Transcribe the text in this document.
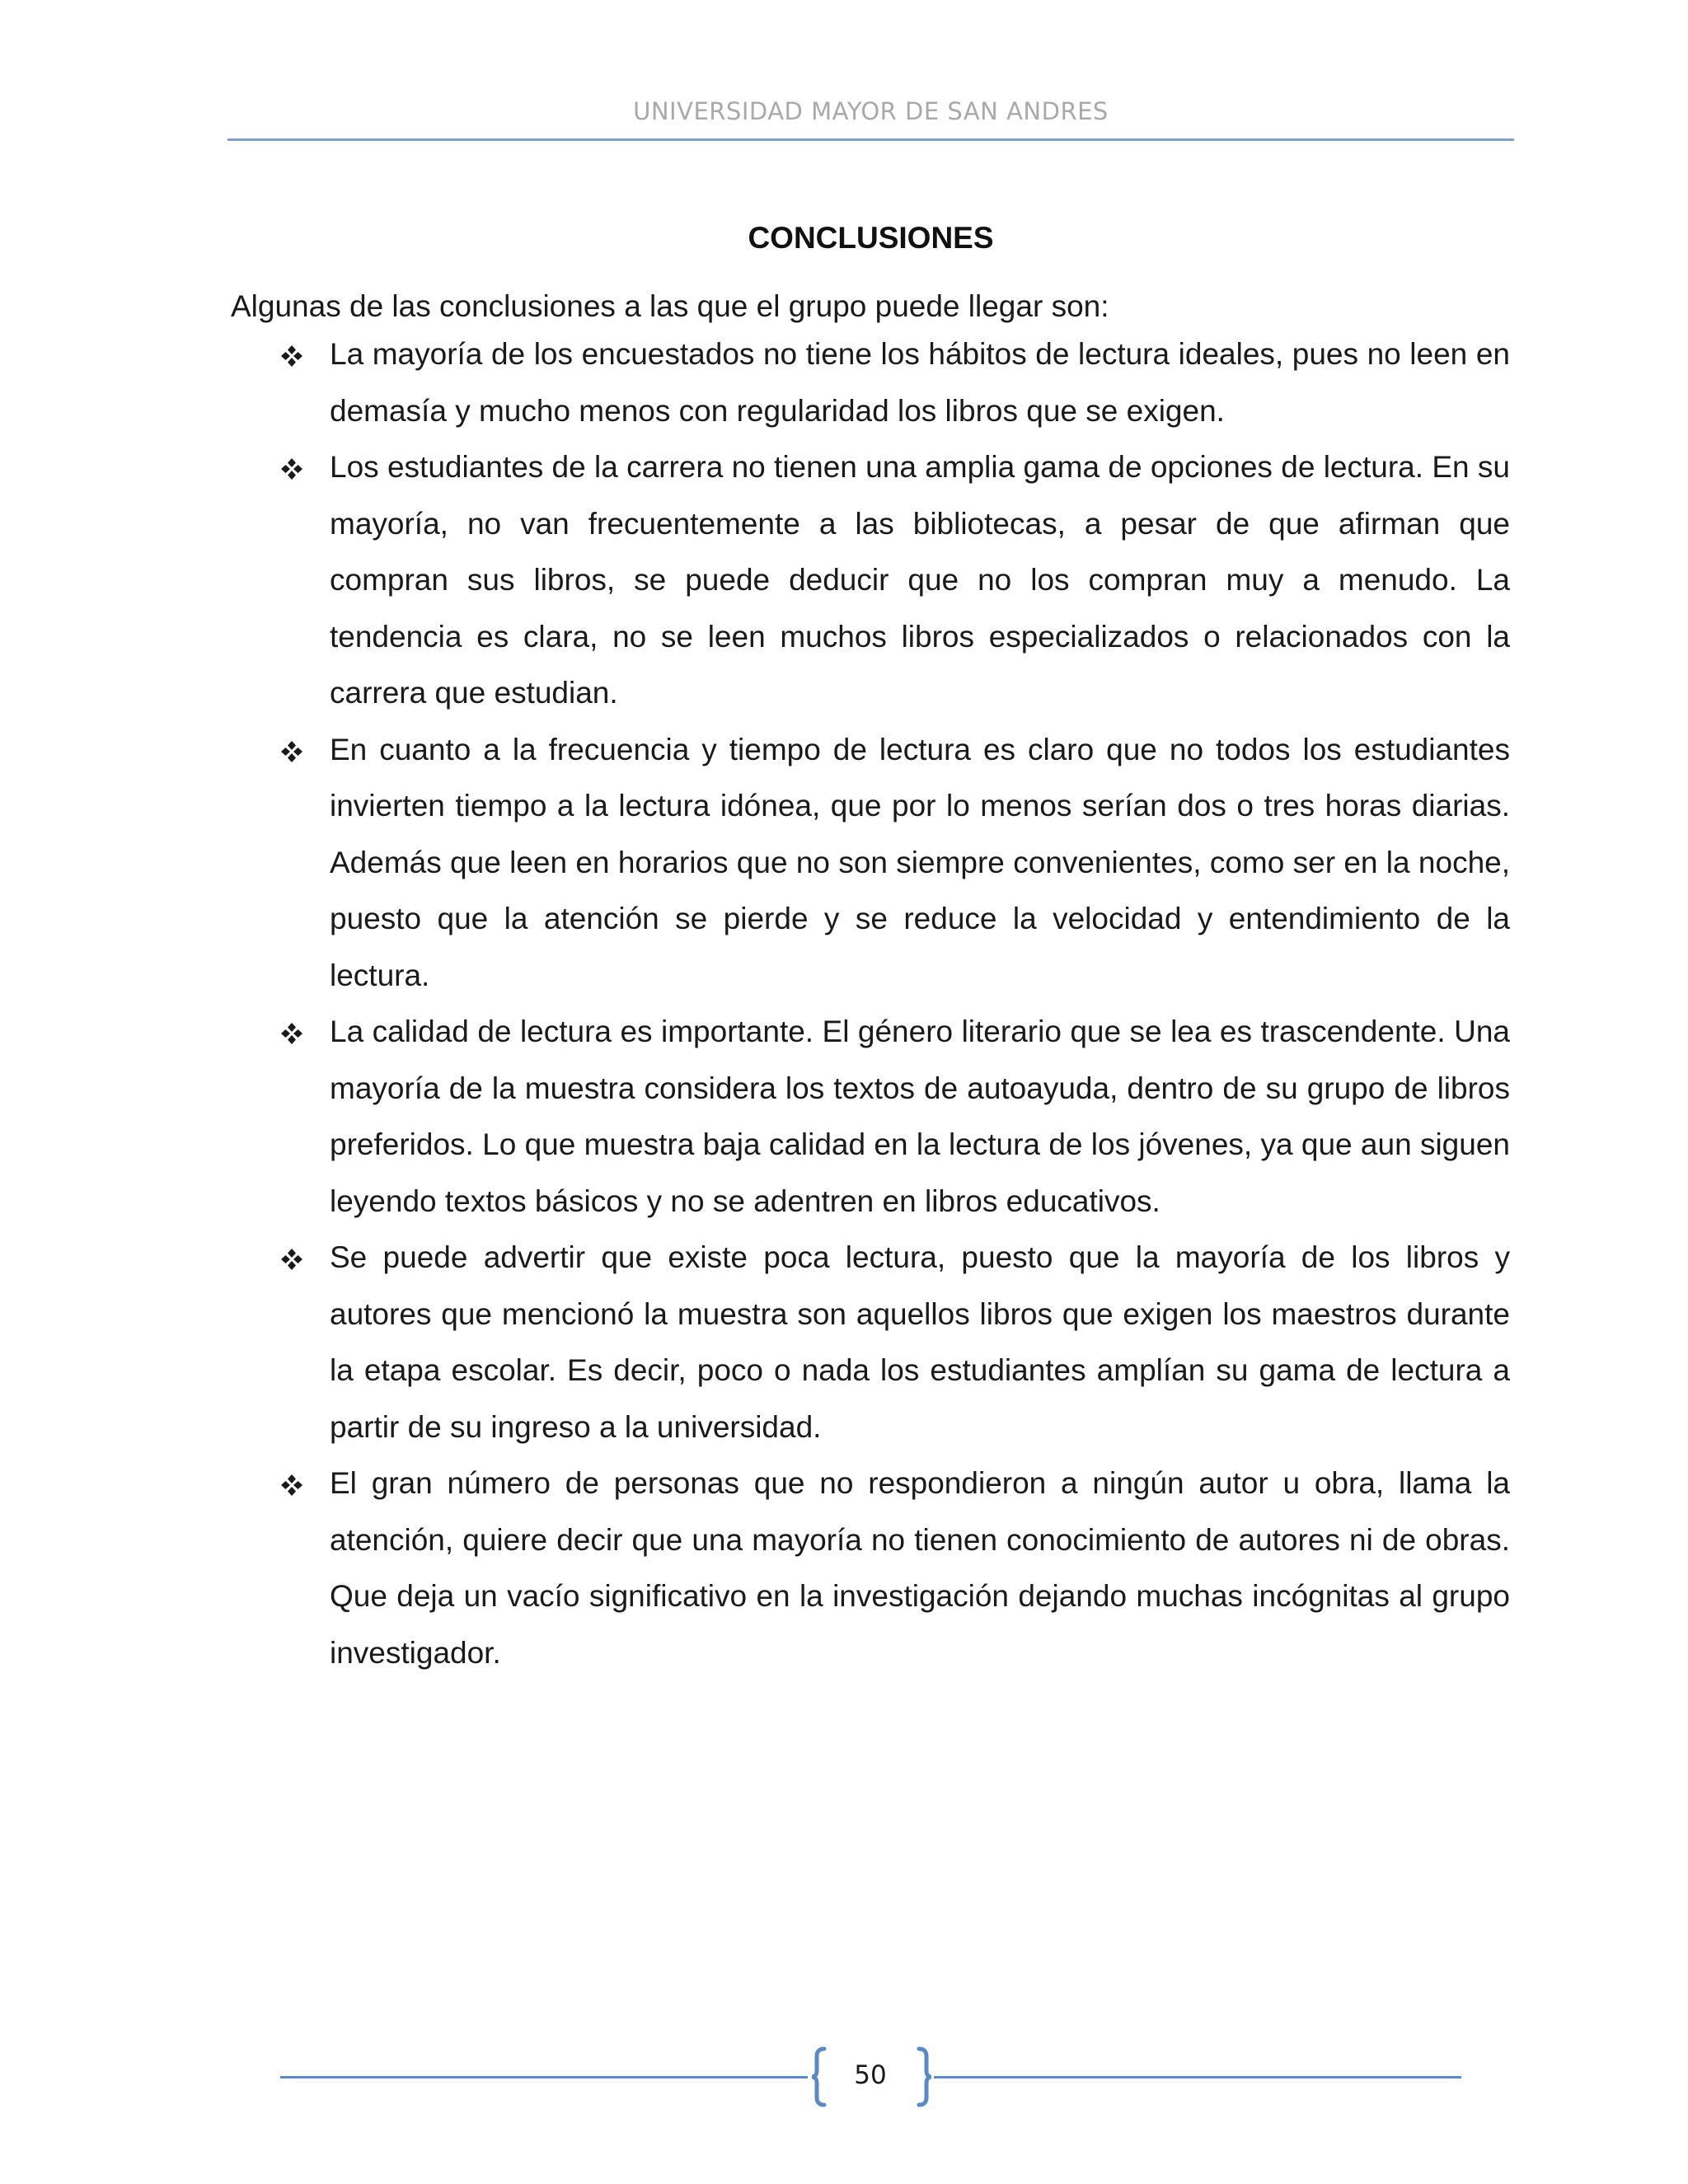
UNIVERSIDAD MAYOR DE SAN ANDRES
CONCLUSIONES
Algunas de las conclusiones a las que el grupo puede llegar son:
La mayoría de los encuestados no tiene los hábitos de lectura ideales, pues no leen en demasía y mucho menos con regularidad los libros que se exigen.
Los estudiantes de la carrera no tienen una amplia gama de opciones de lectura. En su mayoría, no van frecuentemente a las bibliotecas, a pesar de que afirman que compran sus libros, se puede deducir que no los compran muy a menudo. La tendencia es clara, no se leen muchos libros especializados o relacionados con la carrera que estudian.
En cuanto a la frecuencia y tiempo de lectura es claro que no todos los estudiantes invierten tiempo a la lectura idónea, que por lo menos serían dos o tres horas diarias. Además que leen en horarios que no son siempre convenientes, como ser en la noche, puesto que la atención se pierde y se reduce la velocidad y entendimiento de la lectura.
La calidad de lectura es importante. El género literario que se lea es trascendente. Una mayoría de la muestra considera los textos de autoayuda, dentro de su grupo de libros preferidos. Lo que muestra baja calidad en la lectura de los jóvenes, ya que aun siguen leyendo textos básicos y no se adentren en libros educativos.
Se puede advertir que existe poca lectura, puesto que la mayoría de los libros y autores que mencionó la muestra son aquellos libros que exigen los maestros durante la etapa escolar. Es decir, poco o nada los estudiantes amplían su gama de lectura a partir de su ingreso a la universidad.
El gran número de personas que no respondieron a ningún autor u obra, llama la atención, quiere decir que una mayoría no tienen conocimiento de autores ni de obras. Que deja un vacío significativo en la investigación dejando muchas incógnitas al grupo investigador.
50
